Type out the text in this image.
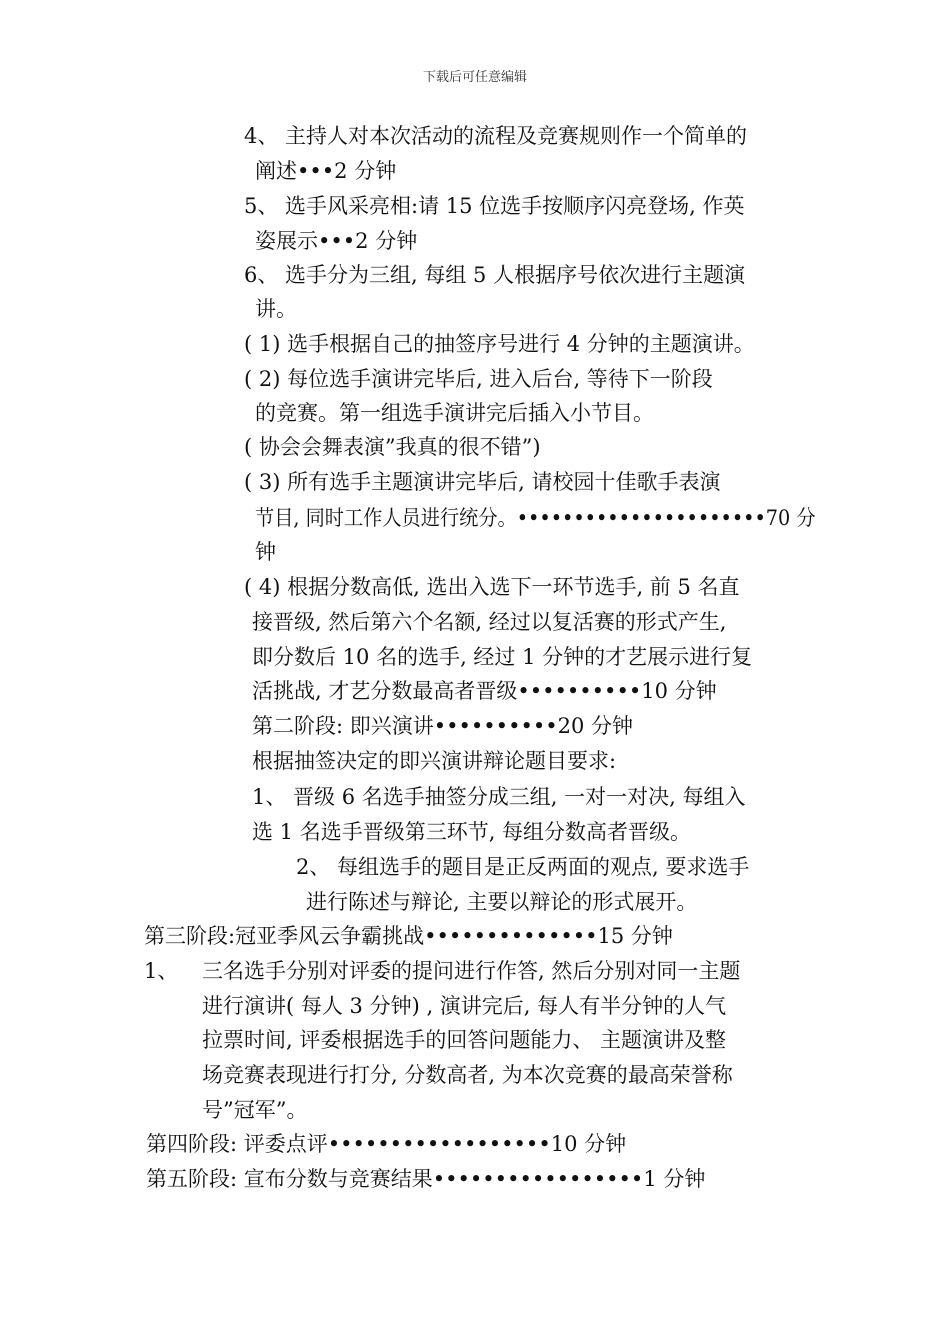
下载后可任意编辑
4、 主持人对本次活动的流程及竞赛规则作一个简单的
阐述•••2 分钟
5、 选手风采亮相:请 15 位选手按顺序闪亮登场, 作英
姿展示•••2 分钟
6、 选手分为三组, 每组 5 人根据序号依次进行主题演
讲。
( 1) 选手根据自己的抽签序号进行 4 分钟的主题演讲。
( 2) 每位选手演讲完毕后, 进入后台, 等待下一阶段
的竞赛。第一组选手演讲完后插入小节目。
( 协会会舞表演”我真的很不错”)
( 3) 所有选手主题演讲完毕后, 请校园十佳歌手表演
节目, 同时工作人员进行统分。••••••••••••••••••••••70 分
钟
( 4) 根据分数高低, 选出入选下一环节选手, 前 5 名直
接晋级, 然后第六个名额, 经过以复活赛的形式产生,
即分数后 10 名的选手, 经过 1 分钟的才艺展示进行复
活挑战, 才艺分数最高者晋级••••••••••10 分钟
第二阶段: 即兴演讲••••••••••20 分钟
根据抽签决定的即兴演讲辩论题目要求:
1、 晋级 6 名选手抽签分成三组, 一对一对决, 每组入
选 1 名选手晋级第三环节, 每组分数高者晋级。
2、 每组选手的题目是正反两面的观点, 要求选手
进行陈述与辩论, 主要以辩论的形式展开。
第三阶段:冠亚季风云争霸挑战••••••••••••••15 分钟
1、 三名选手分别对评委的提问进行作答, 然后分别对同一主题
进行演讲( 每人 3 分钟) , 演讲完后, 每人有半分钟的人气
拉票时间, 评委根据选手的回答问题能力、 主题演讲及整
场竞赛表现进行打分, 分数高者, 为本次竞赛的最高荣誉称
号”冠军”。
第四阶段: 评委点评••••••••••••••••••10 分钟
第五阶段: 宣布分数与竞赛结果•••••••••••••••••1 分钟
